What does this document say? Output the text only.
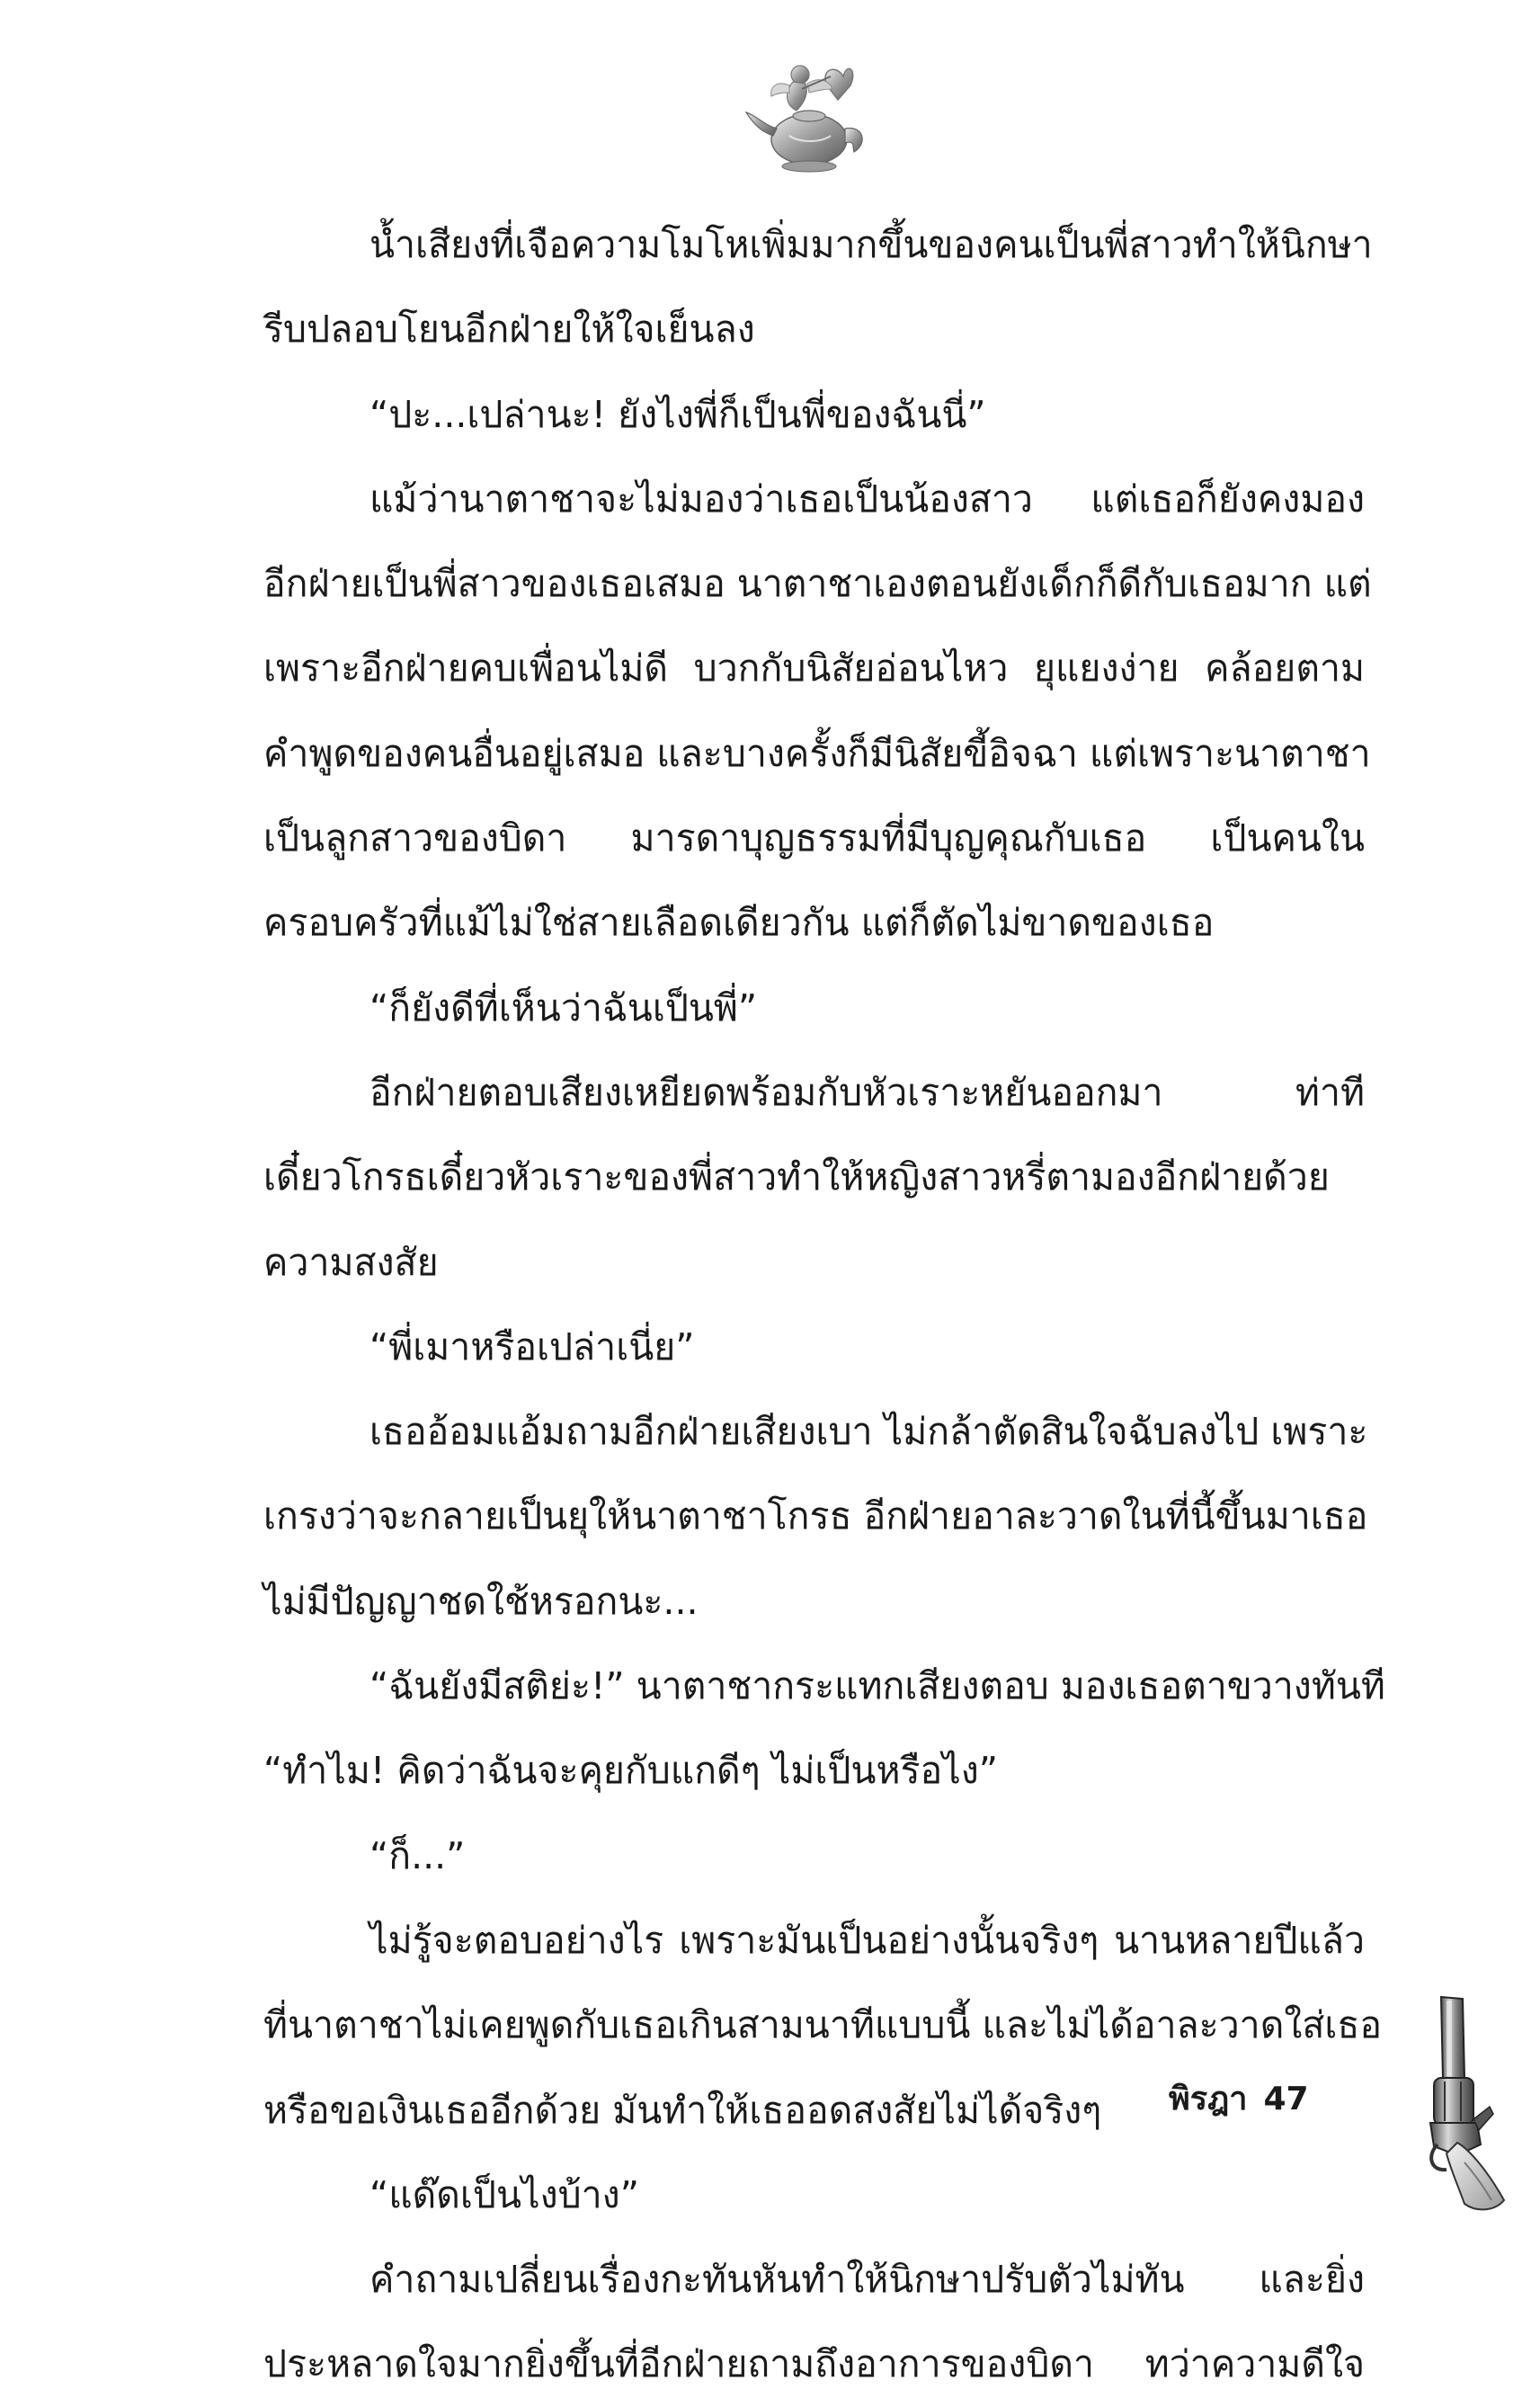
น้ำเสียงที่เจือความโมโหเพิ่มมากขึ้นของคนเป็นพี่สาวทำให้นิกษา
รีบปลอบโยนอีกฝ่ายให้ใจเย็นลง
“ปะ...เปล่านะ! ยังไงพี่ก็เป็นพี่ของฉันนี่”
แม้ว่านาตาชาจะไม่มองว่าเธอเป็นน้องสาว แต่เธอก็ยังคงมอง
อีกฝ่ายเป็นพี่สาวของเธอเสมอ นาตาชาเองตอนยังเด็กก็ดีกับเธอมาก แต่
เพราะอีกฝ่ายคบเพื่อนไม่ดี บวกกับนิสัยอ่อนไหว ยุแยงง่าย คล้อยตาม
คำพูดของคนอื่นอยู่เสมอ และบางครั้งก็มีนิสัยขี้อิจฉา แต่เพราะนาตาชา
เป็นลูกสาวของบิดา มารดาบุญธรรมที่มีบุญคุณกับเธอ เป็นคนใน
ครอบครัวที่แม้ไม่ใช่สายเลือดเดียวกัน แต่ก็ตัดไม่ขาดของเธอ
“ก็ยังดีที่เห็นว่าฉันเป็นพี่”
อีกฝ่ายตอบเสียงเหยียดพร้อมกับหัวเราะหยันออกมา ท่าที
เดี๋ยวโกรธเดี๋ยวหัวเราะของพี่สาวทำให้หญิงสาวหรี่ตามองอีกฝ่ายด้วย
ความสงสัย
“พี่เมาหรือเปล่าเนี่ย”
เธออ้อมแอ้มถามอีกฝ่ายเสียงเบา ไม่กล้าตัดสินใจฉับลงไป เพราะ
เกรงว่าจะกลายเป็นยุให้นาตาชาโกรธ อีกฝ่ายอาละวาดในที่นี้ขึ้นมาเธอ
ไม่มีปัญญาชดใช้หรอกนะ...
“ฉันยังมีสติย่ะ!” นาตาชากระแทกเสียงตอบ มองเธอตาขวางทันที
“ทำไม! คิดว่าฉันจะคุยกับแกดีๆ ไม่เป็นหรือไง”
“ก็...”
ไม่รู้จะตอบอย่างไร เพราะมันเป็นอย่างนั้นจริงๆ นานหลายปีแล้ว
ที่นาตาชาไม่เคยพูดกับเธอเกินสามนาทีแบบนี้ และไม่ได้อาละวาดใส่เธอ
หรือขอเงินเธออีกด้วย มันทำให้เธออดสงสัยไม่ได้จริงๆ
“แด๊ดเป็นไงบ้าง”
คำถามเปลี่ยนเรื่องกะทันหันทำให้นิกษาปรับตัวไม่ทัน และยิ่ง
ประหลาดใจมากยิ่งขึ้นที่อีกฝ่ายถามถึงอาการของบิดา ทว่าความดีใจ
พิรฎา 47
